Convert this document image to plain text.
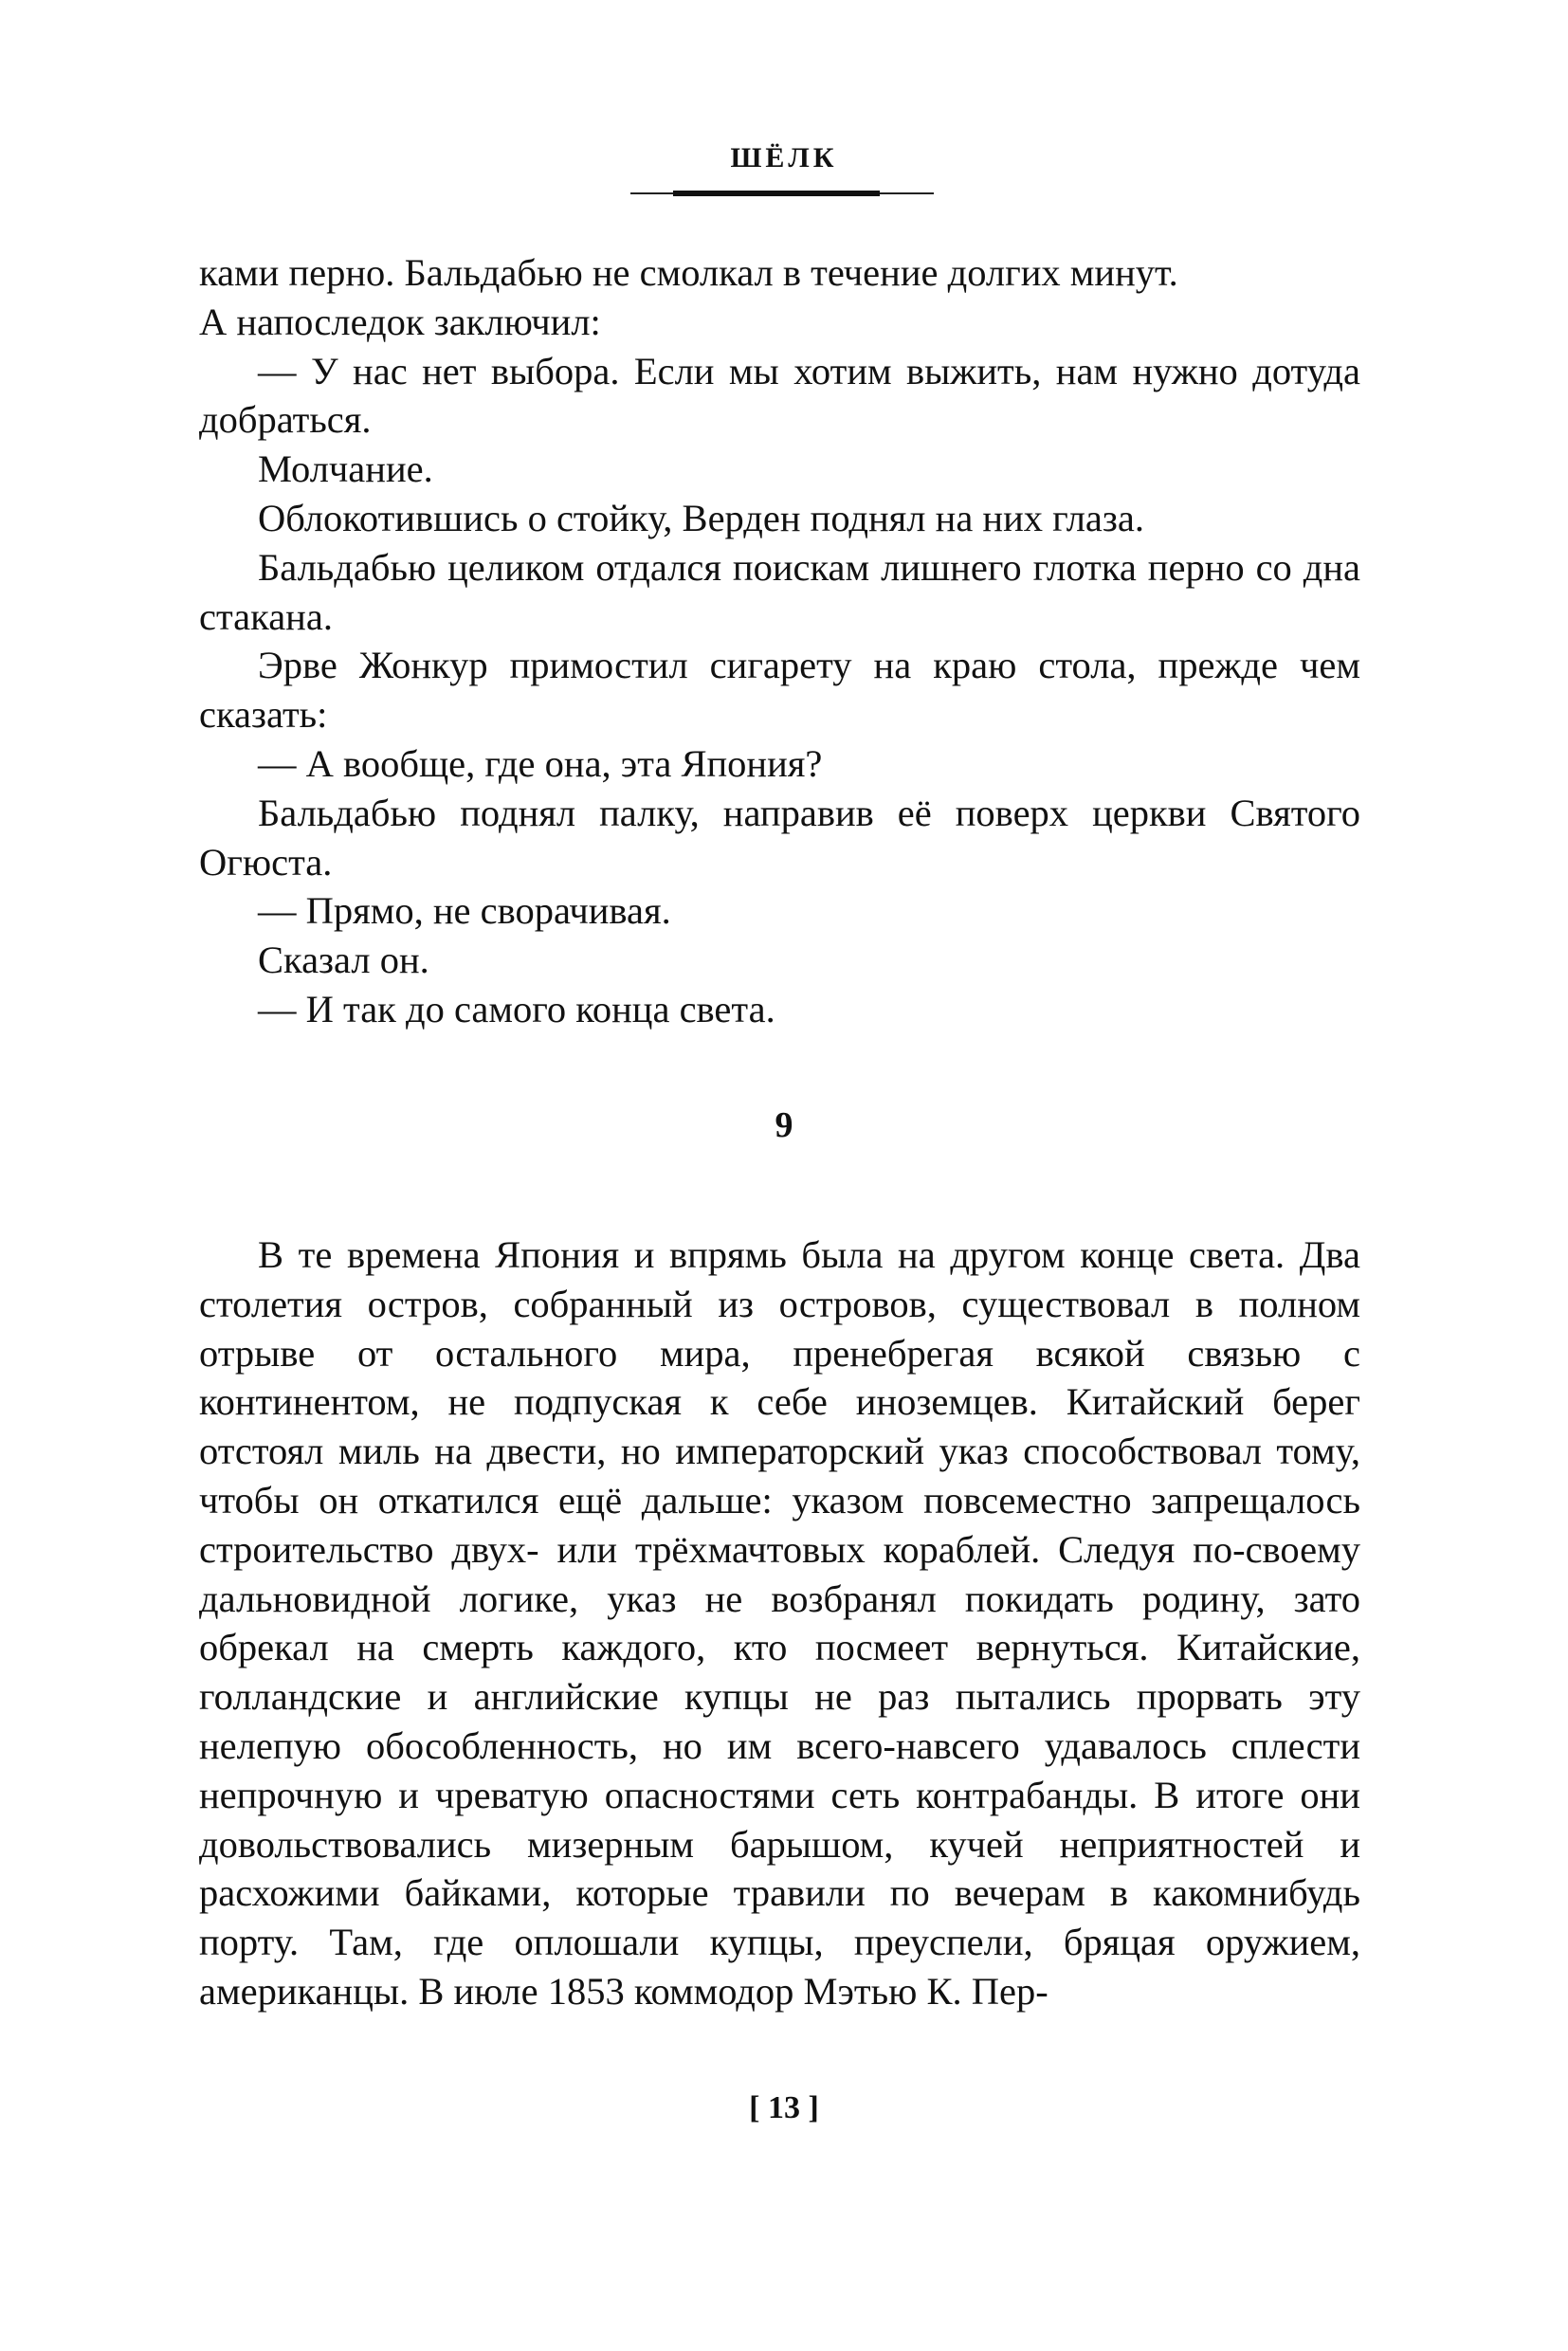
ШЁЛК

ками перно. Бальдабью не смолкал в течение долгих минут.

А напоследок заключил:

— У нас нет выбора. Если мы хотим выжить, нам нужно дотуда добраться.

Молчание.

Облокотившись о стойку, Верден поднял на них глаза.

Бальдабью целиком отдался поискам лишнего глотка перно со дна стакана.

Эрве Жонкур примостил сигарету на краю стола, прежде чем сказать:

— А вообще, где она, эта Япония?

Бальдабью поднял палку, направив её поверх церкви Святого Огюста.

— Прямо, не сворачивая.

Сказал он.

— И так до самого конца света.

9

В те времена Япония и впрямь была на другом конце света. Два столетия остров, собранный из островов, существовал в полном отрыве от остального мира, пренебрегая всякой связью с континентом, не подпуская к себе иноземцев. Китайский берег отстоял миль на двести, но императорский указ способствовал тому, чтобы он откатился ещё дальше: указом повсеместно запрещалось строительство двух- или трёхмачтовых кораблей. Следуя по-своему дальновидной логике, указ не возбранял покидать родину, зато обрекал на смерть каждого, кто посмеет вернуться. Китайские, голландские и английские купцы не раз пытались прорвать эту нелепую обособленность, но им всего-навсего удавалось сплести непрочную и чреватую опасностями сеть контрабанды. В итоге они довольствовались мизерным барышом, кучей неприятностей и расхожими байками, которые травили по вечерам в какомнибудь порту. Там, где оплошали купцы, преуспели, бряцая оружием, американцы. В июле 1853 коммодор Мэтью К. Пер-

[ 13 ]
